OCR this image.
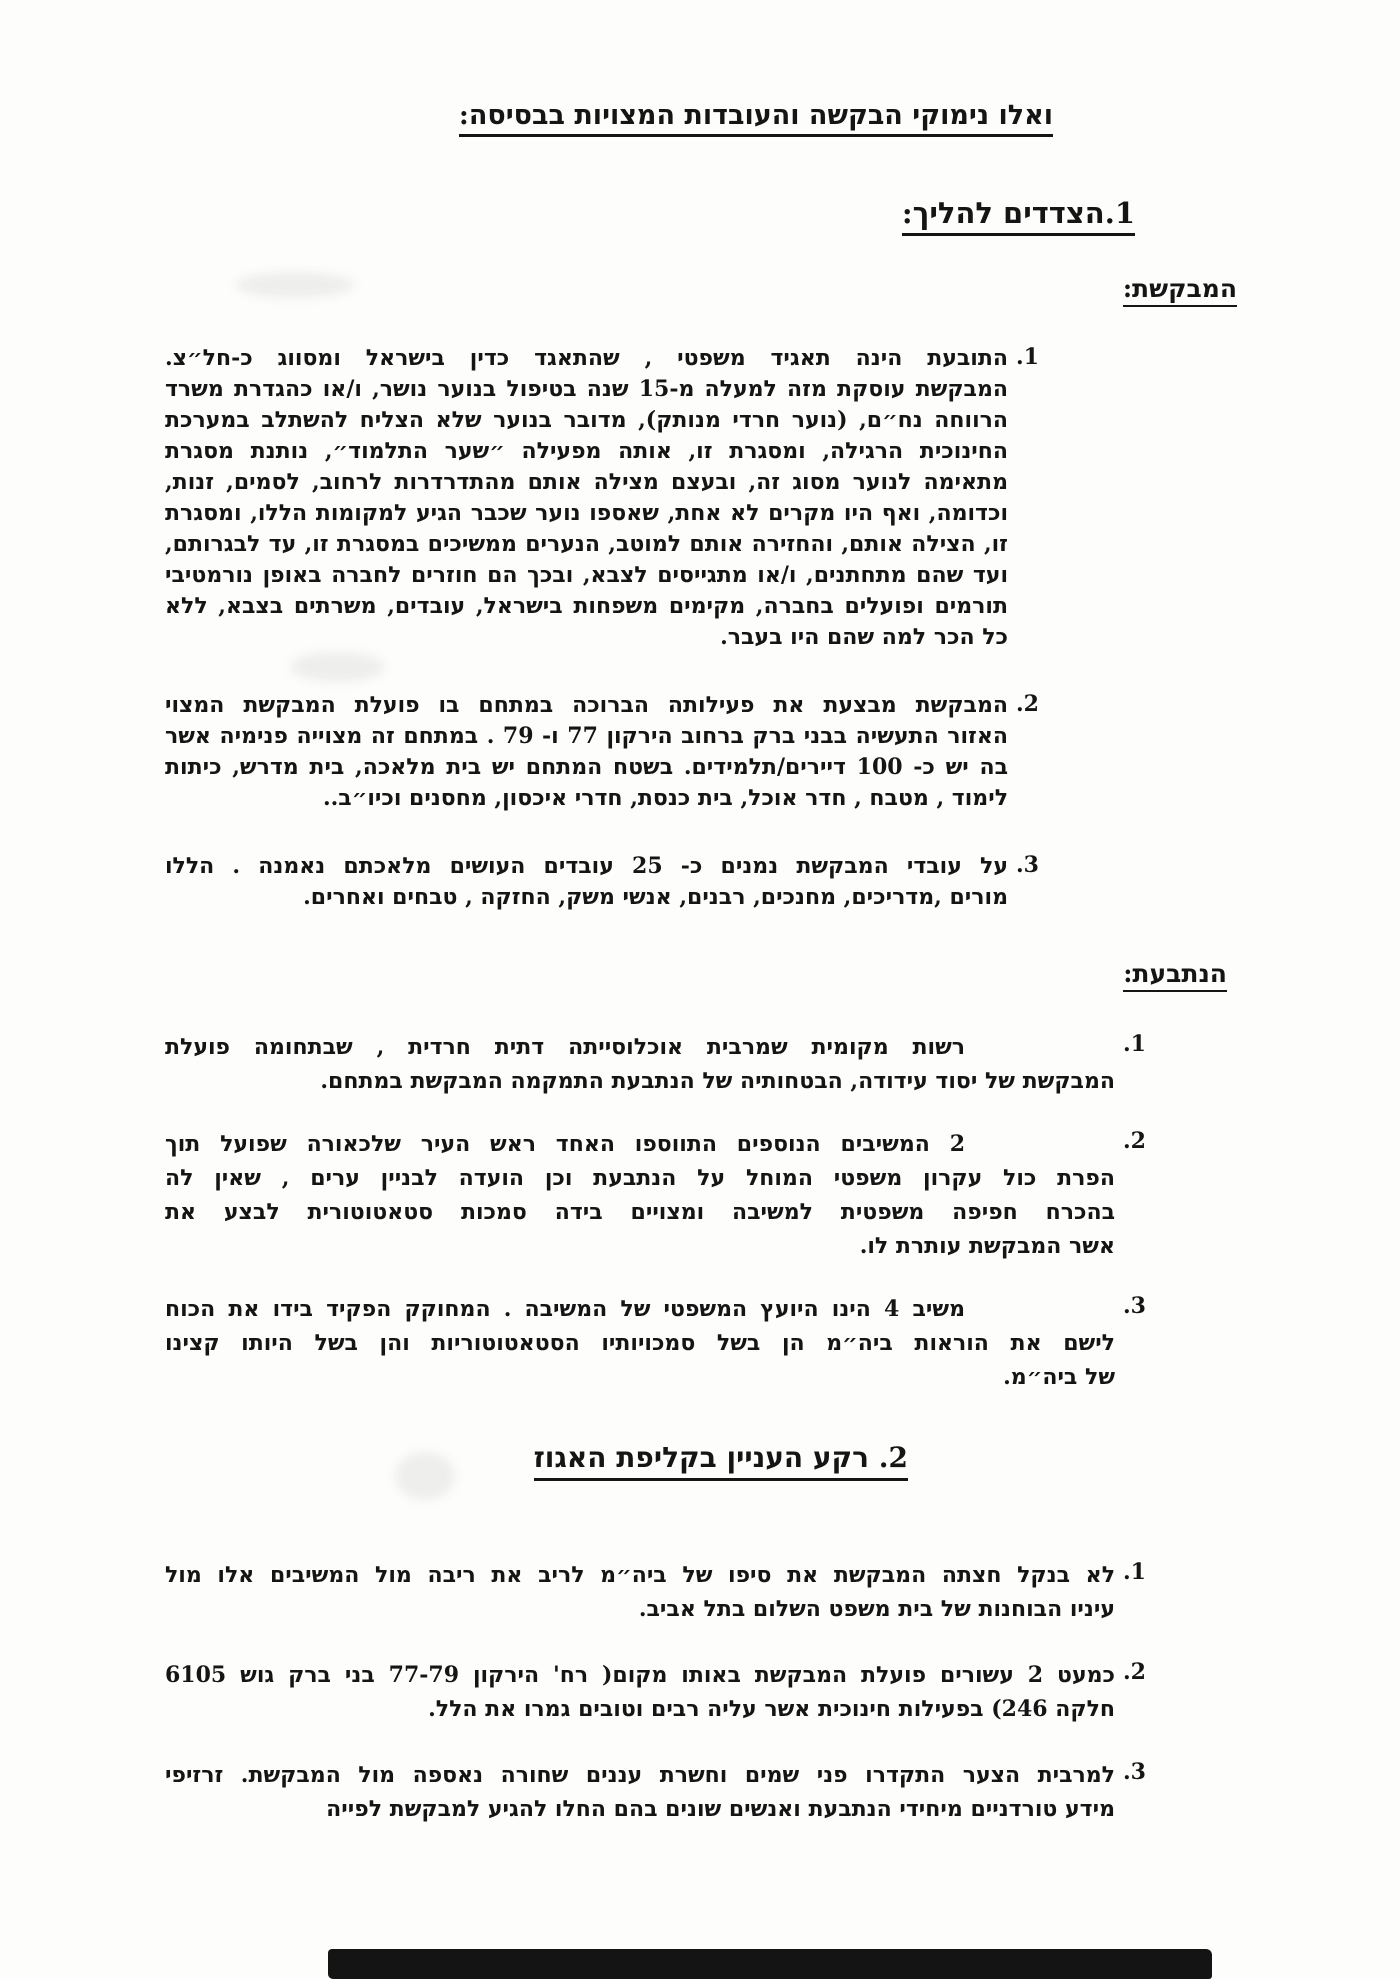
ואלו נימוקי הבקשה והעובדות המצויות בבסיסה:
1.הצדדים להליך:
המבקשת:
1.
התובעת הינה תאגיד משפטי , שהתאגד כדין בישראל ומסווג כ-חל״צ.
המבקשת עוסקת מזה למעלה מ-15 שנה בטיפול בנוער נושר, ו/או כהגדרת משרד
הרווחה נח״ם, (נוער חרדי מנותק), מדובר בנוער שלא הצליח להשתלב במערכת
החינוכית הרגילה, ומסגרת זו, אותה מפעילה ״שער התלמוד״, נותנת מסגרת
מתאימה לנוער מסוג זה, ובעצם מצילה אותם מהתדרדרות לרחוב, לסמים, זנות,
וכדומה, ואף היו מקרים לא אחת, שאספו נוער שכבר הגיע למקומות הללו, ומסגרת
זו, הצילה אותם, והחזירה אותם למוטב, הנערים ממשיכים במסגרת זו, עד לבגרותם,
ועד שהם מתחתנים, ו/או מתגייסים לצבא, ובכך הם חוזרים לחברה באופן נורמטיבי
תורמים ופועלים בחברה, מקימים משפחות בישראל, עובדים, משרתים בצבא, ללא
כל הכר למה שהם היו בעבר.
2.
המבקשת מבצעת את פעילותה הברוכה במתחם בו פועלת המבקשת המצוי
האזור התעשיה בבני ברק ברחוב הירקון 77 ו- 79 . במתחם זה מצוייה פנימיה אשר
בה יש כ- 100 דיירים/תלמידים. בשטח המתחם יש בית מלאכה, בית מדרש, כיתות
לימוד , מטבח , חדר אוכל, בית כנסת, חדרי איכסון, מחסנים וכיו״ב..
3.
על עובדי המבקשת נמנים כ- 25 עובדים העושים מלאכתם נאמנה . הללו
מורים ,מדריכים, מחנכים, רבנים, אנשי משק, החזקה , טבחים ואחרים.
הנתבעת:
1.
רשות מקומית שמרבית אוכלוסייתה דתית חרדית , שבתחומה פועלת
המבקשת של יסוד עידודה, הבטחותיה של הנתבעת התמקמה המבקשת במתחם.
2.
2 המשיבים הנוספים התווספו האחד ראש העיר שלכאורה שפועל תוך
הפרת כול עקרון משפטי המוחל על הנתבעת וכן הועדה לבניין ערים , שאין לה
בהכרח חפיפה משפטית למשיבה ומצויים בידה סמכות סטאטוטורית לבצע את
אשר המבקשת עותרת לו.
3.
משיב 4 הינו היועץ המשפטי של המשיבה . המחוקק הפקיד בידו את הכוח
לישם את הוראות ביה״מ הן בשל סמכויותיו הסטאטוטוריות והן בשל היותו קצינו
של ביה״מ.
2. רקע העניין בקליפת האגוז
1.
לא בנקל חצתה המבקשת את סיפו של ביה״מ לריב את ריבה מול המשיבים אלו מול
עיניו הבוחנות של בית משפט השלום בתל אביב.
2.
כמעט 2 עשורים פועלת המבקשת באותו מקום( רח' הירקון 77-79 בני ברק גוש 6105
חלקה 246) בפעילות חינוכית אשר עליה רבים וטובים גמרו את הלל.
3.
למרבית הצער התקדרו פני שמים וחשרת עננים שחורה נאספה מול המבקשת. זרזיפי
מידע טורדניים מיחידי הנתבעת ואנשים שונים בהם החלו להגיע למבקשת לפייה
